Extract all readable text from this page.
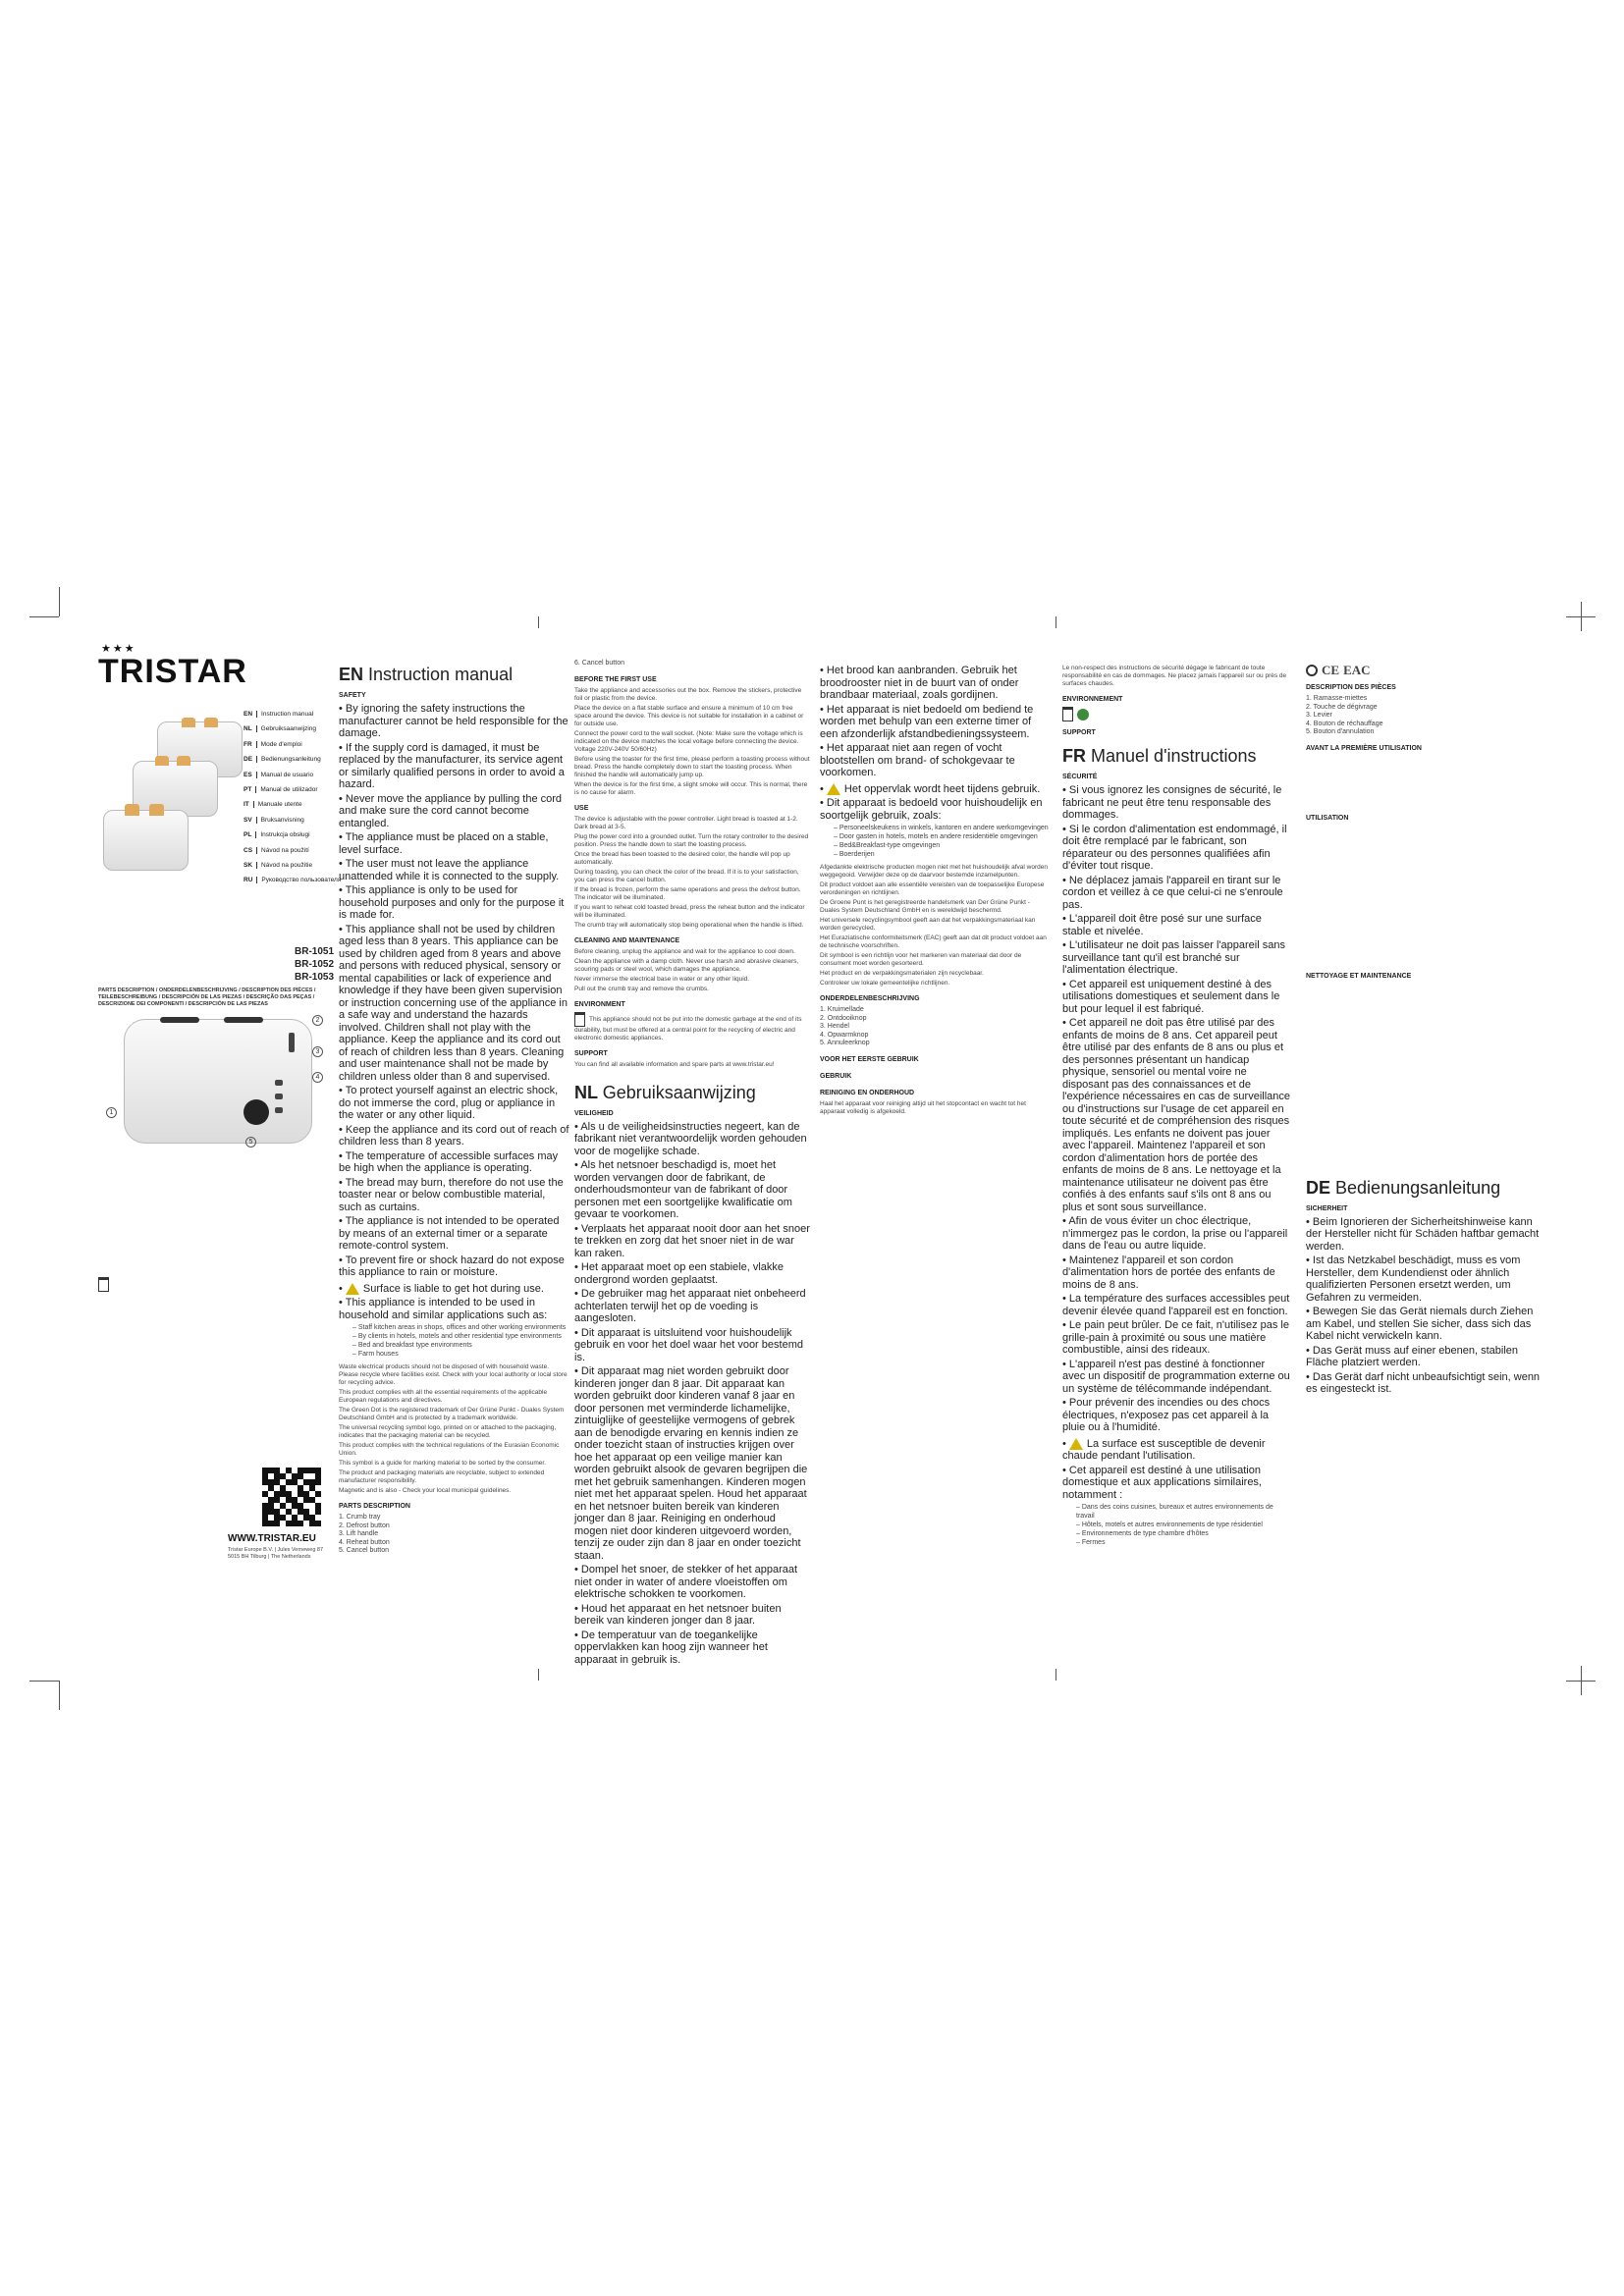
★★★
TRISTAR
EN Instruction manual
NL Gebruiksaanwijzing
FR Mode d'emploi
DE Bedienungsanleitung
ES Manual de usuario
PT Manual de utilizador
IT Manuale utente
SV Bruksanvisning
PL Instrukcja obsługi
CS Návod na použití
SK Návod na použitie
RU Руководство пользователя
BR-1051
BR-1052
BR-1053
PARTS DESCRIPTION / ONDERDELENBESCHRIJVING / DESCRIPTION DES PIÈCES / TEILEBESCHREIBUNG / DESCRIPCIÓN DE LAS PIEZAS / DESCRIÇÃO DAS PEÇAS / DESCRIZIONE DEI COMPONENTI / DESCRIPCIÓN DE LAS PIEZAS
1
2
3
4
5
WWW.TRISTAR.EU
Tristar Europe B.V. | Jules Verneweg 87 5015 BH Tilburg | The Netherlands
EN Instruction manual
SAFETY
• By ignoring the safety instructions the manufacturer cannot be held responsible for the damage.
• If the supply cord is damaged, it must be replaced by the manufacturer, its service agent or similarly qualified persons in order to avoid a hazard.
• Never move the appliance by pulling the cord and make sure the cord cannot become entangled.
• The appliance must be placed on a stable, level surface.
• The user must not leave the appliance unattended while it is connected to the supply.
• This appliance is only to be used for household purposes and only for the purpose it is made for.
• This appliance shall not be used by children aged less than 8 years. This appliance can be used by children aged from 8 years and above and persons with reduced physical, sensory or mental capabilities or lack of experience and knowledge if they have been given supervision or instruction concerning use of the appliance in a safe way and understand the hazards involved. Children shall not play with the appliance. Keep the appliance and its cord out of reach of children less than 8 years. Cleaning and user maintenance shall not be made by children unless older than 8 and supervised.
• To protect yourself against an electric shock, do not immerse the cord, plug or appliance in the water or any other liquid.
• Keep the appliance and its cord out of reach of children less than 8 years.
• The temperature of accessible surfaces may be high when the appliance is operating.
• The bread may burn, therefore do not use the toaster near or below combustible material, such as curtains.
• The appliance is not intended to be operated by means of an external timer or a separate remote-control system.
• To prevent fire or shock hazard do not expose this appliance to rain or moisture.
• Surface is liable to get hot during use.
• This appliance is intended to be used in household and similar applications such as:
– Staff kitchen areas in shops, offices and other working environments
– By clients in hotels, motels and other residential type environments
– Bed and breakfast type environments
– Farm houses

Waste electrical products should not be disposed of with household waste. Please recycle where facilities exist. Check with your local authority or local store for recycling advice.

This product complies with all the essential requirements of the applicable European regulations and directives.

The Green Dot is the registered trademark of Der Grüne Punkt - Duales System Deutschland GmbH and is protected by a trademark worldwide.

The universal recycling symbol logo, printed on or attached to the packaging, indicates that the packaging material can be recycled.

This product complies with the technical regulations of the Eurasian Economic Union.

This symbol is a guide for marking material to be sorted by the consumer.

The product and packaging materials are recyclable, subject to extended manufacturer responsibility.

Magnetic and is also - Check your local municipal guidelines.

PARTS DESCRIPTION
1. Crumb tray
2. Defrost button
3. Lift handle
4. Reheat button
5. Cancel button
6. Cancel button
BEFORE THE FIRST USE

Take the appliance and accessories out the box. Remove the stickers, protective foil or plastic from the device.

Place the device on a flat stable surface and ensure a minimum of 10 cm free space around the device. This device is not suitable for installation in a cabinet or for outside use.

Connect the power cord to the wall socket. (Note: Make sure the voltage which is indicated on the device matches the local voltage before connecting the device. Voltage 220V-240V 50/60Hz)

Before using the toaster for the first time, please perform a toasting process without bread. Press the handle completely down to start the toasting process. When finished the handle will automatically jump up.

When the device is for the first time, a slight smoke will occur. This is normal, there is no cause for alarm.

USE

The device is adjustable with the power controller. Light bread is toasted at 1-2. Dark bread at 3-5.

Plug the power cord into a grounded outlet. Turn the rotary controller to the desired position. Press the handle down to start the toasting process.

Once the bread has been toasted to the desired color, the handle will pop up automatically.

During toasting, you can check the color of the bread. If it is to your satisfaction, you can press the cancel button.

If the bread is frozen, perform the same operations and press the defrost button. The indicator will be illuminated.

If you want to reheat cold toasted bread, press the reheat button and the indicator will be illuminated.

The crumb tray will automatically stop being operational when the handle is lifted.

CLEANING AND MAINTENANCE

Before cleaning, unplug the appliance and wait for the appliance to cool down.

Clean the appliance with a damp cloth. Never use harsh and abrasive cleaners, scouring pads or steel wool, which damages the appliance.

Never immerse the electrical base in water or any other liquid.

Pull out the crumb tray and remove the crumbs.

ENVIRONMENT
This appliance should not be put into the domestic garbage at the end of its durability, but must be offered at a central point for the recycling of electric and electronic domestic appliances.
SUPPORT
You can find all available information and spare parts at www.tristar.eu!
NL Gebruiksaanwijzing
VEILIGHEID
• Als u de veiligheidsinstructies negeert, kan de fabrikant niet verantwoordelijk worden gehouden voor de mogelijke schade.
• Als het netsnoer beschadigd is, moet het worden vervangen door de fabrikant, de onderhoudsmonteur van de fabrikant of door personen met een soortgelijke kwalificatie om gevaar te voorkomen.
• Verplaats het apparaat nooit door aan het snoer te trekken en zorg dat het snoer niet in de war kan raken.
• Het apparaat moet op een stabiele, vlakke ondergrond worden geplaatst.
• De gebruiker mag het apparaat niet onbeheerd achterlaten terwijl het op de voeding is aangesloten.
• Dit apparaat is uitsluitend voor huishoudelijk gebruik en voor het doel waar het voor bestemd is.
• Dit apparaat mag niet worden gebruikt door kinderen jonger dan 8 jaar. Dit apparaat kan worden gebruikt door kinderen vanaf 8 jaar en door personen met verminderde lichamelijke, zintuiglijke of geestelijke vermogens of gebrek aan de benodigde ervaring en kennis indien ze onder toezicht staan of instructies krijgen over hoe het apparaat op een veilige manier kan worden gebruikt alsook de gevaren begrijpen die met het gebruik samenhangen. Kinderen mogen niet met het apparaat spelen. Houd het apparaat en het netsnoer buiten bereik van kinderen jonger dan 8 jaar. Reiniging en onderhoud mogen niet door kinderen uitgevoerd worden, tenzij ze ouder zijn dan 8 jaar en onder toezicht staan.
• Dompel het snoer, de stekker of het apparaat niet onder in water of andere vloeistoffen om elektrische schokken te voorkomen.
• Houd het apparaat en het netsnoer buiten bereik van kinderen jonger dan 8 jaar.
• De temperatuur van de toegankelijke oppervlakken kan hoog zijn wanneer het apparaat in gebruik is.
• Het brood kan aanbranden. Gebruik het broodrooster niet in de buurt van of onder brandbaar materiaal, zoals gordijnen.
• Het apparaat is niet bedoeld om bediend te worden met behulp van een externe timer of een afzonderlijk afstandbedieningssysteem.
• Het apparaat niet aan regen of vocht blootstellen om brand- of schokgevaar te voorkomen.
• Het oppervlak wordt heet tijdens gebruik.
• Dit apparaat is bedoeld voor huishoudelijk en soortgelijk gebruik, zoals:
– Personeelskeukens in winkels, kantoren en andere werkomgevingen
– Door gasten in hotels, motels en andere residentiële omgevingen
– Bed&Breakfast-type omgevingen
– Boerderijen

Afgedankte elektrische producten mogen niet met het huishoudelijk afval worden weggegooid. Verwijder deze op de daarvoor bestemde inzamelpunten.

Dit product voldoet aan alle essentiële vereisten van de toepasselijke Europese verordeningen en richtlijnen.

De Groene Punt is het geregistreerde handelsmerk van Der Grüne Punkt - Duales System Deutschland GmbH en is wereldwijd beschermd.

Het universele recyclingsymbool geeft aan dat het verpakkingsmateriaal kan worden gerecycled.

Het Euraziatische conformiteitsmerk (EAC) geeft aan dat dit product voldoet aan de technische voorschriften.

Dit symbool is een richtlijn voor het markeren van materiaal dat door de consument moet worden gesorteerd.

Het product en de verpakkingsmaterialen zijn recyclebaar.

Controleer uw lokale gemeentelijke richtlijnen.

ONDERDELENBESCHRIJVING
1. Kruimellade
2. Ontdooiknop
3. Hendel
4. Opwarmknop
5. Annuleerknop
VOOR HET EERSTE GEBRUIK
GEBRUIK
REINIGING EN ONDERHOUD
Haal het apparaat voor reiniging altijd uit het stopcontact en wacht tot het apparaat volledig is afgekoeld.
Le non-respect des instructions de sécurité dégage le fabricant de toute responsabilité en cas de dommages. Ne placez jamais l'appareil sur ou près de surfaces chaudes.
ENVIRONNEMENT
SUPPORT
FR Manuel d'instructions
SÉCURITÉ
• Si vous ignorez les consignes de sécurité, le fabricant ne peut être tenu responsable des dommages.
• Si le cordon d'alimentation est endommagé, il doit être remplacé par le fabricant, son réparateur ou des personnes qualifiées afin d'éviter tout risque.
• Ne déplacez jamais l'appareil en tirant sur le cordon et veillez à ce que celui-ci ne s'enroule pas.
• L'appareil doit être posé sur une surface stable et nivelée.
• L'utilisateur ne doit pas laisser l'appareil sans surveillance tant qu'il est branché sur l'alimentation électrique.
• Cet appareil est uniquement destiné à des utilisations domestiques et seulement dans le but pour lequel il est fabriqué.
• Cet appareil ne doit pas être utilisé par des enfants de moins de 8 ans. Cet appareil peut être utilisé par des enfants de 8 ans ou plus et des personnes présentant un handicap physique, sensoriel ou mental voire ne disposant pas des connaissances et de l'expérience nécessaires en cas de surveillance ou d'instructions sur l'usage de cet appareil en toute sécurité et de compréhension des risques impliqués. Les enfants ne doivent pas jouer avec l'appareil. Maintenez l'appareil et son cordon d'alimentation hors de portée des enfants de moins de 8 ans. Le nettoyage et la maintenance utilisateur ne doivent pas être confiés à des enfants sauf s'ils ont 8 ans ou plus et sont sous surveillance.
• Afin de vous éviter un choc électrique, n'immergez pas le cordon, la prise ou l'appareil dans de l'eau ou autre liquide.
• Maintenez l'appareil et son cordon d'alimentation hors de portée des enfants de moins de 8 ans.
• La température des surfaces accessibles peut devenir élevée quand l'appareil est en fonction.
• Le pain peut brûler. De ce fait, n'utilisez pas le grille-pain à proximité ou sous une matière combustible, ainsi des rideaux.
• L'appareil n'est pas destiné à fonctionner avec un dispositif de programmation externe ou un système de télécommande indépendant.
• Pour prévenir des incendies ou des chocs électriques, n'exposez pas cet appareil à la pluie ou à l'humidité.
• La surface est susceptible de devenir chaude pendant l'utilisation.
• Cet appareil est destiné à une utilisation domestique et aux applications similaires, notamment :
– Dans des coins cuisines, bureaux et autres environnements de travail
– Hôtels, motels et autres environnements de type résidentiel
– Environnements de type chambre d'hôtes
– Fermes

CE EAC

DESCRIPTION DES PIÈCES
1. Ramasse-miettes
2. Touche de dégivrage
3. Levier
4. Bouton de réchauffage
5. Bouton d'annulation
AVANT LA PREMIÈRE UTILISATION
UTILISATION
NETTOYAGE ET MAINTENANCE
DE Bedienungsanleitung
SICHERHEIT
• Beim Ignorieren der Sicherheitshinweise kann der Hersteller nicht für Schäden haftbar gemacht werden.
• Ist das Netzkabel beschädigt, muss es vom Hersteller, dem Kundendienst oder ähnlich qualifizierten Personen ersetzt werden, um Gefahren zu vermeiden.
• Bewegen Sie das Gerät niemals durch Ziehen am Kabel, und stellen Sie sicher, dass sich das Kabel nicht verwickeln kann.
• Das Gerät muss auf einer ebenen, stabilen Fläche platziert werden.
• Das Gerät darf nicht unbeaufsichtigt sein, wenn es eingesteckt ist.
